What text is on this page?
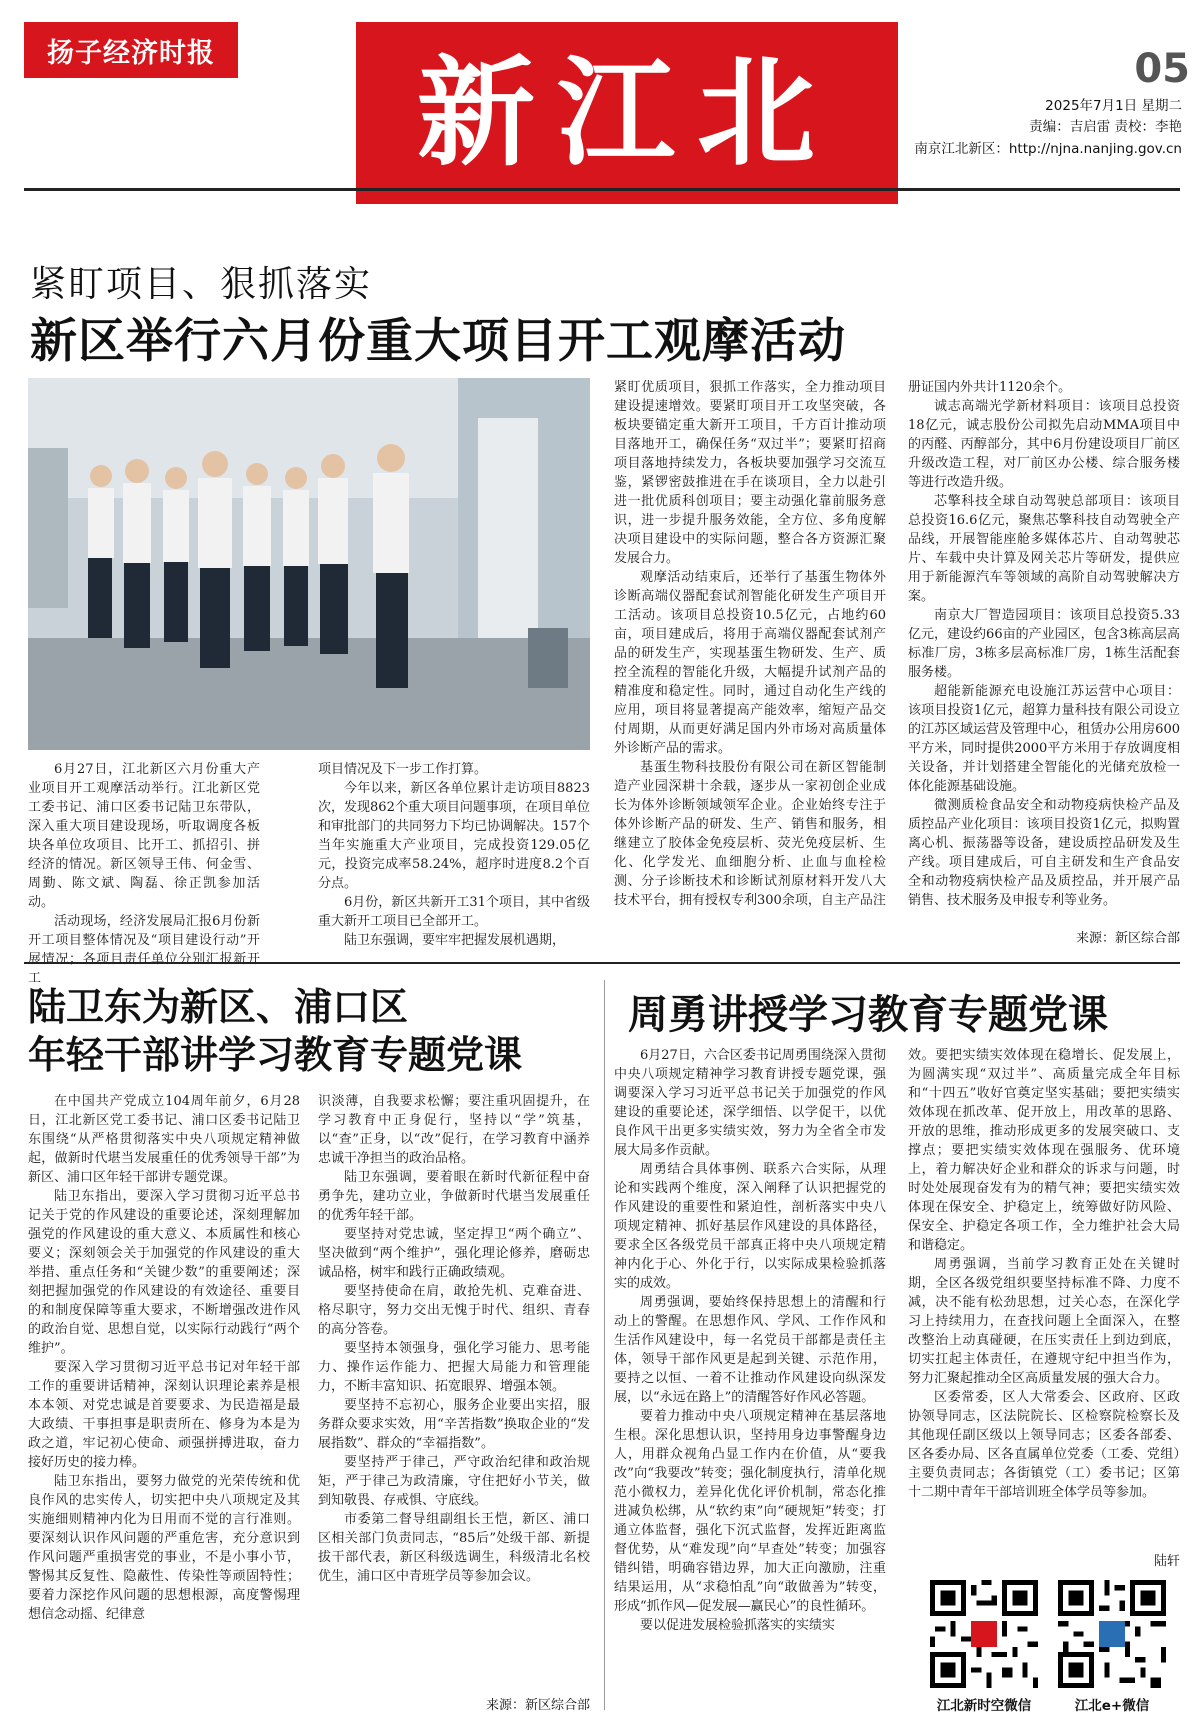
扬子经济时报 新江北	05
2025年7月1日 星期二
责编：吉启雷 责校：李艳
南京江北新区：http://njna.nanjing.gov.cn
紧盯项目、狠抓落实
新区举行六月份重大项目开工观摩活动

6月27日，江北新区六月份重大产业项目开工观摩活动举行。江北新区党工委书记、浦口区委书记陆卫东带队，深入重大项目建设现场，听取调度各板块各单位攻项目、比开工、抓招引、拼经济的情况。新区领导王伟、何金雪、周勤、陈文斌、陶磊、徐正凯参加活动。

活动现场，经济发展局汇报6月份新开工项目整体情况及“项目建设行动”开展情况；各项目责任单位分别汇报新开工

项目情况及下一步工作打算。

今年以来，新区各单位累计走访项目8823次，发现862个重大项目问题事项，在项目单位和审批部门的共同努力下均已协调解决。157个当年实施重大产业项目，完成投资129.05亿元，投资完成率58.24%，超序时进度8.2个百分点。

6月份，新区共新开工31个项目，其中省级重大新开工项目已全部开工。

陆卫东强调，要牢牢把握发展机遇期，

紧盯优质项目，狠抓工作落实，全力推动项目建设提速增效。要紧盯项目开工攻坚突破，各板块要锚定重大新开工项目，千方百计推动项目落地开工，确保任务“双过半”；要紧盯招商项目落地持续发力，各板块要加强学习交流互鉴，紧锣密鼓推进在手在谈项目，全力以赴引进一批优质科创项目；要主动强化靠前服务意识，进一步提升服务效能，全方位、多角度解决项目建设中的实际问题，整合各方资源汇聚发展合力。

观摩活动结束后，还举行了基蛋生物体外诊断高端仪器配套试剂智能化研发生产项目开工活动。该项目总投资10.5亿元，占地约60亩，项目建成后，将用于高端仪器配套试剂产品的研发生产，实现基蛋生物研发、生产、质控全流程的智能化升级，大幅提升试剂产品的精准度和稳定性。同时，通过自动化生产线的应用，项目将显著提高产能效率，缩短产品交付周期，从而更好满足国内外市场对高质量体外诊断产品的需求。

基蛋生物科技股份有限公司在新区智能制造产业园深耕十余载，逐步从一家初创企业成长为体外诊断领域领军企业。企业始终专注于体外诊断产品的研发、生产、销售和服务，相继建立了胶体金免疫层析、荧光免疫层析、生化、化学发光、血细胞分析、止血与血栓检测、分子诊断技术和诊断试剂原材料开发八大技术平台，拥有授权专利300余项，自主产品注

册证国内外共计1120余个。

诚志高端光学新材料项目：该项目总投资18亿元，诚志股份公司拟先启动MMA项目中的丙醛、丙醇部分，其中6月份建设项目厂前区升级改造工程，对厂前区办公楼、综合服务楼等进行改造升级。

芯擎科技全球自动驾驶总部项目：该项目总投资16.6亿元，聚焦芯擎科技自动驾驶全产品线，开展智能座舱多媒体芯片、自动驾驶芯片、车载中央计算及网关芯片等研发，提供应用于新能源汽车等领域的高阶自动驾驶解决方案。

南京大厂智造园项目：该项目总投资5.33亿元，建设约66亩的产业园区，包含3栋高层高标准厂房，3栋多层高标准厂房，1栋生活配套服务楼。

超能新能源充电设施江苏运营中心项目：该项目投资1亿元，超算力量科技有限公司设立的江苏区域运营及管理中心，租赁办公用房600平方米，同时提供2000平方米用于存放调度相关设备，并计划搭建全智能化的光储充放检一体化能源基础设施。

微测质检食品安全和动物疫病快检产品及质控品产业化项目：该项目投资1亿元，拟购置离心机、振荡器等设备，建设质控品研发及生产线。项目建成后，可自主研发和生产食品安全和动物疫病快检产品及质控品，并开展产品销售、技术服务及申报专利等业务。

来源：新区综合部
陆卫东为新区、浦口区
年轻干部讲学习教育专题党课

在中国共产党成立104周年前夕，6月28日，江北新区党工委书记、浦口区委书记陆卫东围绕“从严格贯彻落实中央八项规定精神做起，做新时代堪当发展重任的优秀领导干部”为新区、浦口区年轻干部讲专题党课。

陆卫东指出，要深入学习贯彻习近平总书记关于党的作风建设的重要论述，深刻理解加强党的作风建设的重大意义、本质属性和核心要义；深刻领会关于加强党的作风建设的重大举措、重点任务和“关键少数”的重要阐述；深刻把握加强党的作风建设的有效途径、重要目的和制度保障等重大要求，不断增强改进作风的政治自觉、思想自觉，以实际行动践行“两个维护”。

要深入学习贯彻习近平总书记对年轻干部工作的重要讲话精神，深刻认识理论素养是根本本领、对党忠诚是首要要求、为民造福是最大政绩、干事担事是职责所在、修身为本是为政之道，牢记初心使命、顽强拼搏进取，奋力接好历史的接力棒。

陆卫东指出，要努力做党的光荣传统和优良作风的忠实传人，切实把中央八项规定及其实施细则精神内化为日用而不觉的言行准则。要深刻认识作风问题的严重危害，充分意识到作风问题严重损害党的事业，不是小事小节，警惕其反复性、隐蔽性、传染性等顽固特性；要着力深挖作风问题的思想根源，高度警惕理想信念动摇、纪律意

识淡薄，自我要求松懈；要注重巩固提升，在学习教育中正身促行，坚持以“学”筑基，以“查”正身，以“改”促行，在学习教育中涵养忠诚干净担当的政治品格。

陆卫东强调，要着眼在新时代新征程中奋勇争先，建功立业，争做新时代堪当发展重任的优秀年轻干部。

要坚持对党忠诚，坚定捍卫“两个确立”、坚决做到“两个维护”，强化理论修养，磨砺忠诚品格，树牢和践行正确政绩观。

要坚持使命在肩，敢抢先机、克难奋进、格尽职守，努力交出无愧于时代、组织、青春的高分答卷。

要坚持本领强身，强化学习能力、思考能力、操作运作能力、把握大局能力和管理能力，不断丰富知识、拓宽眼界、增强本领。

要坚持不忘初心，服务企业要出实招，服务群众要求实效，用“辛苦指数”换取企业的“发展指数”、群众的“幸福指数”。

要坚持严于律己，严守政治纪律和政治规矩，严于律己为政清廉，守住把好小节关，做到知敬畏、存戒惧、守底线。

市委第二督导组副组长王恺，新区、浦口区相关部门负责同志，“85后”处级干部、新提拔干部代表，新区科级选调生，科级清北名校优生，浦口区中青班学员等参加会议。

来源：新区综合部
周勇讲授学习教育专题党课

6月27日，六合区委书记周勇围绕深入贯彻中央八项规定精神学习教育讲授专题党课，强调要深入学习习近平总书记关于加强党的作风建设的重要论述，深学细悟、以学促干，以优良作风干出更多实绩实效，努力为全省全市发展大局多作贡献。

周勇结合具体事例、联系六合实际，从理论和实践两个维度，深入阐释了认识把握党的作风建设的重要性和紧迫性，剖析落实中央八项规定精神、抓好基层作风建设的具体路径，要求全区各级党员干部真正将中央八项规定精神内化于心、外化于行，以实际成果检验抓落实的成效。

周勇强调，要始终保持思想上的清醒和行动上的警醒。在思想作风、学风、工作作风和生活作风建设中，每一名党员干部都是责任主体，领导干部作风更是起到关键、示范作用，要持之以恒、一着不让推动作风建设向纵深发展，以“永远在路上”的清醒答好作风必答题。

要着力推动中央八项规定精神在基层落地生根。深化思想认识，坚持用身边事警醒身边人，用群众视角凸显工作内在价值，从“要我改”向“我要改”转变；强化制度执行，清单化规范小微权力，差异化优化评价机制，常态化推进减负松绑，从“软约束”向“硬规矩”转变；打通立体监督，强化下沉式监督，发挥近距离监督优势，从“难发现”向“早查处”转变；加强容错纠错，明确容错边界，加大正向激励，注重结果运用，从“求稳怕乱”向“敢做善为”转变，形成“抓作风—促发展—赢民心”的良性循环。

要以促进发展检验抓落实的实绩实

效。要把实绩实效体现在稳增长、促发展上，为圆满实现“双过半”、高质量完成全年目标和“十四五”收好官奠定坚实基础；要把实绩实效体现在抓改革、促开放上，用改革的思路、开放的思维，推动形成更多的发展突破口、支撑点；要把实绩实效体现在强服务、优环境上，着力解决好企业和群众的诉求与问题，时时处处展现奋发有为的精气神；要把实绩实效体现在保安全、护稳定上，统筹做好防风险、保安全、护稳定各项工作，全力维护社会大局和谐稳定。

周勇强调，当前学习教育正处在关键时期，全区各级党组织要坚持标准不降、力度不减，决不能有松劲思想，过关心态，在深化学习上持续用力，在查找问题上全面深入，在整改整治上动真碰硬，在压实责任上到边到底，切实扛起主体责任，在遵规守纪中担当作为，努力汇聚起推动全区高质量发展的强大合力。

区委常委，区人大常委会、区政府、区政协领导同志，区法院院长、区检察院检察长及其他现任副区级以上领导同志；区委各部委、区各委办局、区各直属单位党委（工委、党组）主要负责同志；各街镇党（工）委书记；区第十二期中青年干部培训班全体学员等参加。

陆轩
江北新时空微信	江北e+微信
